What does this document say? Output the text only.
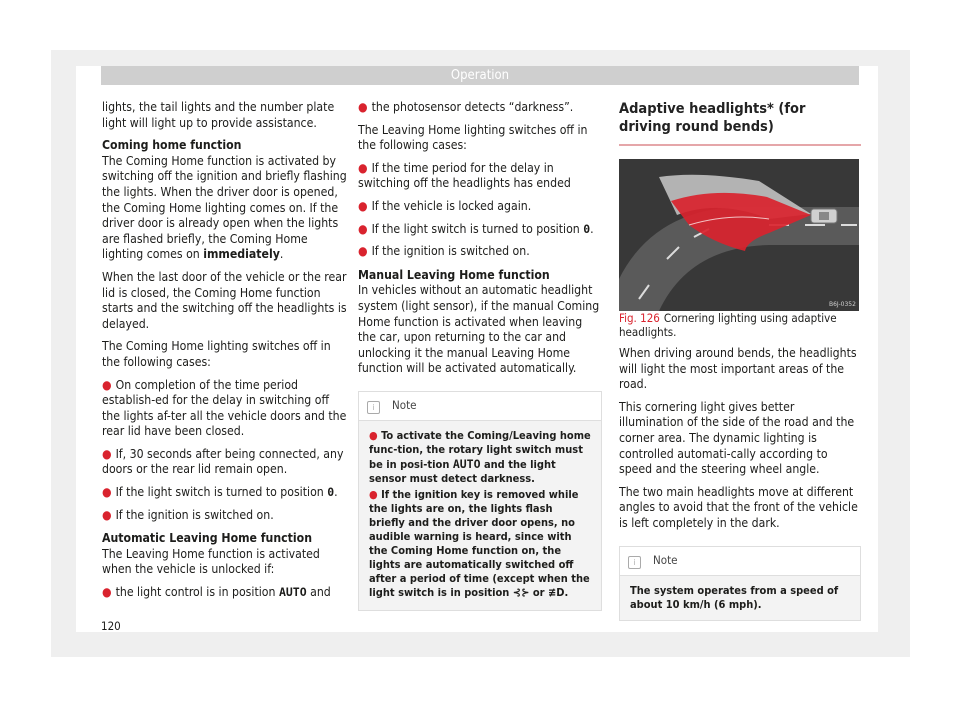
Operation

lights, the tail lights and the number plate light will light up to provide assistance.

Coming home function

The Coming Home function is activated by switching off the ignition and briefly flashing the lights. When the driver door is opened, the Coming Home lighting comes on. If the driver door is already open when the lights are flashed briefly, the Coming Home lighting comes on immediately.

When the last door of the vehicle or the rear lid is closed, the Coming Home function starts and the switching off the headlights is delayed.

The Coming Home lighting switches off in the following cases:

● On completion of the time period establish-ed for the delay in switching off the lights af-ter all the vehicle doors and the rear lid have been closed.

● If, 30 seconds after being connected, any doors or the rear lid remain open.

● If the light switch is turned to position 0.

● If the ignition is switched on.

Automatic Leaving Home function

The Leaving Home function is activated when the vehicle is unlocked if:

● the light control is in position AUTO and

● the photosensor detects “darkness”.

The Leaving Home lighting switches off in the following cases:

● If the time period for the delay in switching off the headlights has ended

● If the vehicle is locked again.

● If the light switch is turned to position 0.

● If the ignition is switched on.

Manual Leaving Home function

In vehicles without an automatic headlight system (light sensor), if the manual Coming Home function is activated when leaving the car, upon returning to the car and unlocking it the manual Leaving Home function will be activated automatically.

i Note

● To activate the Coming/Leaving home func-tion, the rotary light switch must be in posi-tion AUTO and the light sensor must detect darkness.

● If the ignition key is removed while the lights are on, the lights flash briefly and the driver door opens, no audible warning is heard, since with the Coming Home function on, the lights are automatically switched off after a period of time (except when the light switch is in position ⊰⊱ or ≢D.

Adaptive headlights* (for driving round bends)
B6J-0352

Fig. 126 Cornering lighting using adaptive headlights.

When driving around bends, the headlights will light the most important areas of the road.

This cornering light gives better illumination of the side of the road and the corner area. The dynamic lighting is controlled automati-cally according to speed and the steering wheel angle.

The two main headlights move at different angles to avoid that the front of the vehicle is left completely in the dark.

i Note
The system operates from a speed of about 10 km/h (6 mph).
120
